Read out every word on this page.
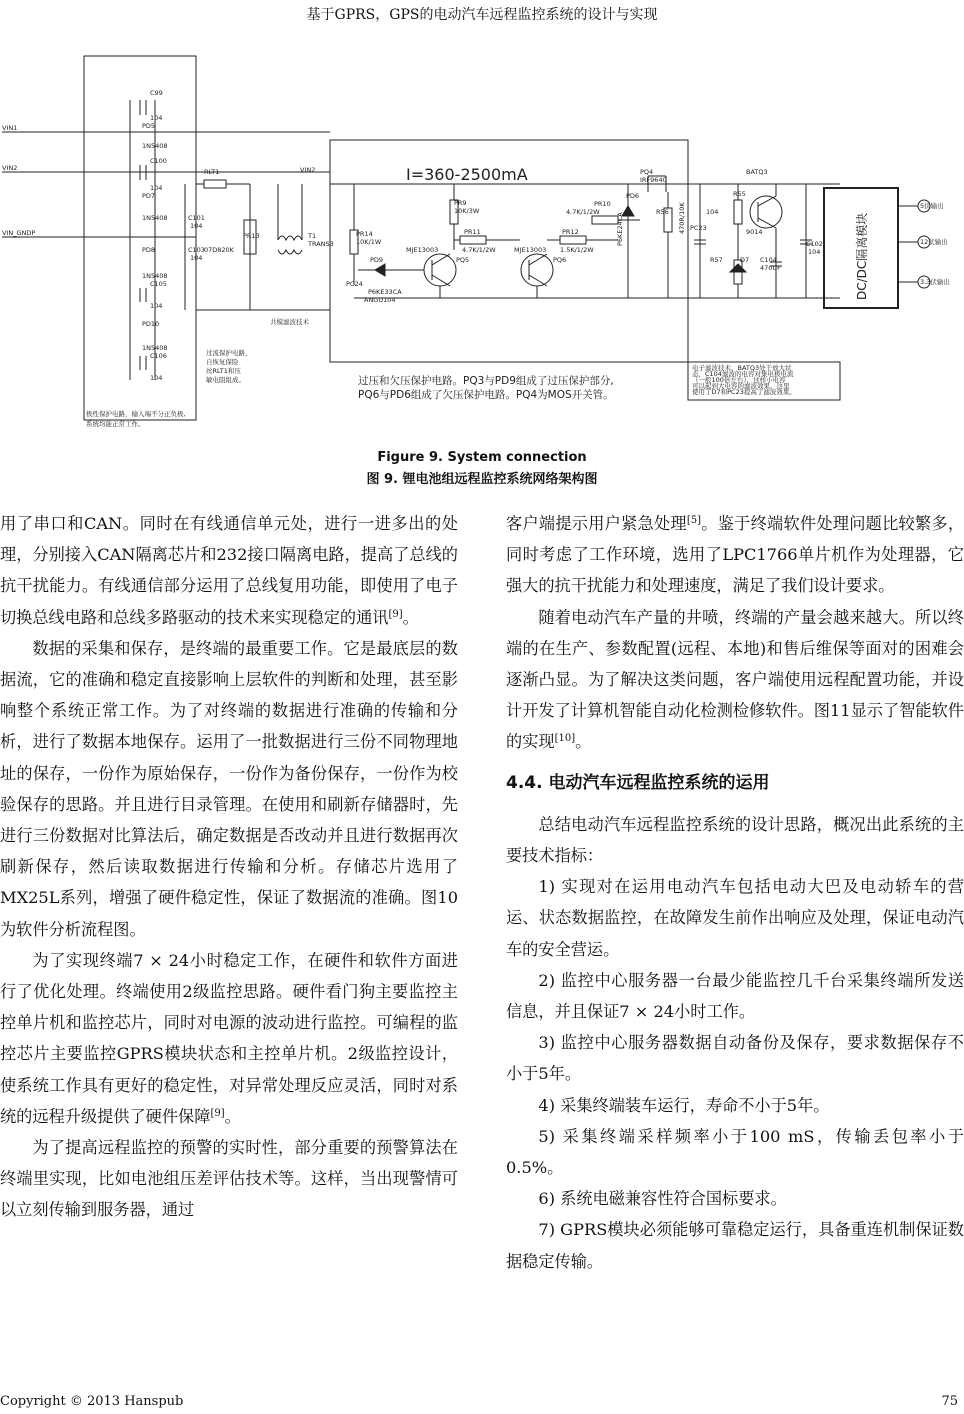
基于GPRS，GPS的电动汽车远程监控系统的设计与实现
VIN1
VIN2
VIN_GNDP
VIN2
C99
104
PD5
1N5408
C100
104
PD7
1N5408	C101
104
C103
104
07D820K
PD8
1N5408
C105
104
PD10
1N5408
C106
104
RLT1
PR13	T1
TRANS3
共模滤波技术
过流保护电路，
自恢复保险
丝RLT1和压
敏电阻组成。
极性保护电路，输入端不分正负极,
系统均能正常工作。
I=360-2500mA
PR14
10K/1W
PD9
PC24
P6KE33CA
ANGU104
PR9
10K/3W
MJE13003
PQ5
PR11
4.7K/1/2W	MJE13003
PQ6
PR12
1.5K/1/2W
PR10
4.7K/1/2W
PD6
P6KE24CA
PQ4
IRF9640
R56 470R/10K	104
PC23
R55
BATQ3
9014
R57	D7 C104
470UF
C102
104	DC/DC隔离模块
5伏输出
12伏输出
3.3伏输出
过压和欠压保护电路。PQ3与PD9组成了过压保护部分,
PQ6与PD6组成了欠压保护电路。PQ4为MOS开关管。
电子滤波技术，BATQ3处于放大状
态，C104滤波的电容对集电极电流
（一般100倍左右），这样小电容
可以起到大电容的滤波效果。这里
使用了D7和PC23提高了滤波效果。
Figure 9. System connection
图 9. 锂电池组远程监控系统网络架构图

用了串口和CAN。同时在有线通信单元处，进行一进多出的处理，分别接入CAN隔离芯片和232接口隔离电路，提高了总线的抗干扰能力。有线通信部分运用了总线复用功能，即使用了电子切换总线电路和总线多路驱动的技术来实现稳定的通讯[9]。

数据的采集和保存，是终端的最重要工作。它是最底层的数据流，它的准确和稳定直接影响上层软件的判断和处理，甚至影响整个系统正常工作。为了对终端的数据进行准确的传输和分析，进行了数据本地保存。运用了一批数据进行三份不同物理地址的保存，一份作为原始保存，一份作为备份保存，一份作为校验保存的思路。并且进行目录管理。在使用和刷新存储器时，先进行三份数据对比算法后，确定数据是否改动并且进行数据再次刷新保存，然后读取数据进行传输和分析。存储芯片选用了MX25L系列，增强了硬件稳定性，保证了数据流的准确。图10为软件分析流程图。

为了实现终端7 × 24小时稳定工作，在硬件和软件方面进行了优化处理。终端使用2级监控思路。硬件看门狗主要监控主控单片机和监控芯片，同时对电源的波动进行监控。可编程的监控芯片主要监控GPRS模块状态和主控单片机。2级监控设计，使系统工作具有更好的稳定性，对异常处理反应灵活，同时对系统的远程升级提供了硬件保障[9]。

为了提高远程监控的预警的实时性，部分重要的预警算法在终端里实现，比如电池组压差评估技术等。这样，当出现警情可以立刻传输到服务器，通过

客户端提示用户紧急处理[5]。鉴于终端软件处理问题比较繁多，同时考虑了工作环境，选用了LPC1766单片机作为处理器，它强大的抗干扰能力和处理速度，满足了我们设计要求。

随着电动汽车产量的井喷，终端的产量会越来越大。所以终端的在生产、参数配置(远程、本地)和售后维保等面对的困难会逐渐凸显。为了解决这类问题，客户端使用远程配置功能，并设计开发了计算机智能自动化检测检修软件。图11显示了智能软件的实现[10]。

4.4. 电动汽车远程监控系统的运用

总结电动汽车远程监控系统的设计思路，概况出此系统的主要技术指标：

1) 实现对在运用电动汽车包括电动大巴及电动轿车的营运、状态数据监控，在故障发生前作出响应及处理，保证电动汽车的安全营运。

2) 监控中心服务器一台最少能监控几千台采集终端所发送信息，并且保证7 × 24小时工作。

3) 监控中心服务器数据自动备份及保存，要求数据保存不小于5年。

4) 采集终端装车运行，寿命不小于5年。

5) 采集终端采样频率小于100 mS，传输丢包率小于0.5%。

6) 系统电磁兼容性符合国标要求。

7) GPRS模块必须能够可靠稳定运行，具备重连机制保证数据稳定传输。

Copyright © 2013 Hanspub	75
